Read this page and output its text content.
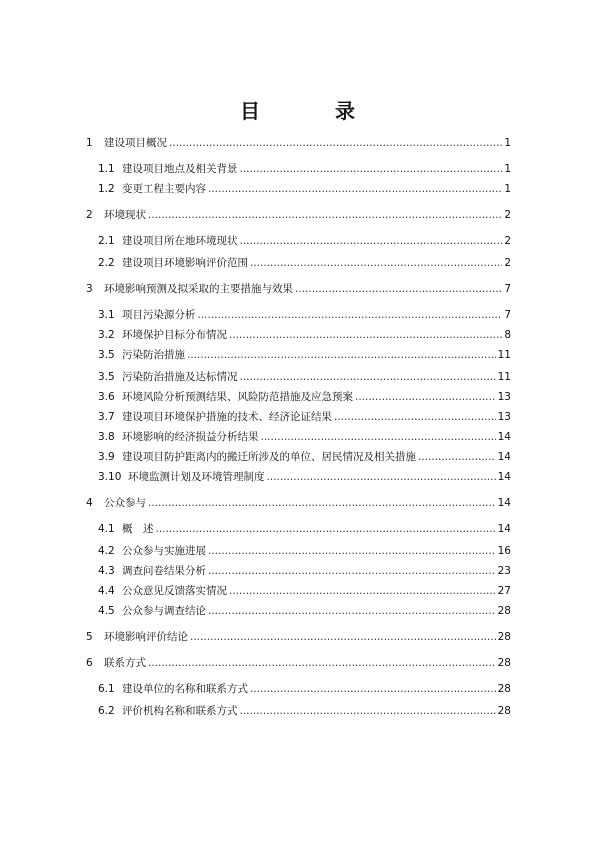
目 录
1	建设项目概况 .....	1
1.1 建设项目地点及相关背景 .....	1
1.2 变更工程主要内容 .....	1
2	环境现状 .....	2
2.1 建设项目所在地环境现状 .....	2
2.2 建设项目环境影响评价范围 .....	2
3	环境影响预测及拟采取的主要措施与效果 .....	7
3.1 项目污染源分析 .....	7
3.2 环境保护目标分布情况 .....	8
3.5 污染防治措施 .....	11
3.5 污染防治措施及达标情况 .....	11
3.6 环境风险分析预测结果、风险防范措施及应急预案 .....	13
3.7 建设项目环境保护措施的技术、经济论证结果 .....	13
3.8 环境影响的经济损益分析结果 .....	14
3.9 建设项目防护距离内的搬迁所涉及的单位、居民情况及相关措施 .....	14
3.10 环境监测计划及环境管理制度 .....	14
4	公众参与 .....	14
4.1 概　述 .....	14
4.2 公众参与实施进展 .....	16
4.3 调查问卷结果分析 .....	23
4.4 公众意见反馈落实情况 .....	27
4.5 公众参与调查结论 .....	28
5	环境影响评价结论 .....	28
6	联系方式 .....	28
6.1 建设单位的名称和联系方式 .....	28
6.2 评价机构名称和联系方式 .....	28
